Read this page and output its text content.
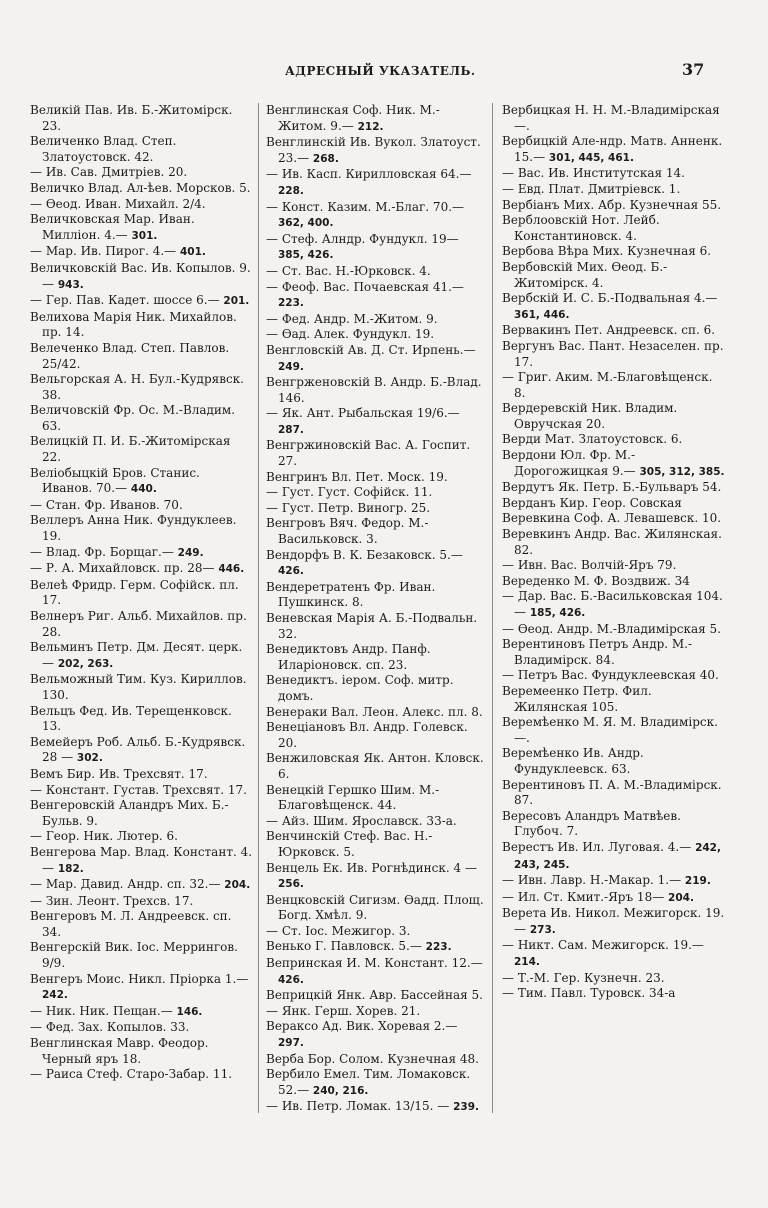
АДРЕСНЫЙ УКАЗАТЕЛЬ.	37

Великій Пав. Ив. Б.-Житомірск. 23.

Величенко Влад. Степ. Златоустовск. 42.

— Ив. Сав. Дмитріев. 20.

Величко Влад. Ал-ѣев. Морсков. 5.

— Ѳеод. Иван. Михайл. 2/4.

Величковская Мар. Иван. Милліон. 4.— 301.

— Мар. Ив. Пирог. 4.— 401.

Величковскій Вас. Ив. Копылов. 9.— 943.

— Гер. Пав. Кадет. шоссе 6.— 201.

Велихова Марія Ник. Михайлов. пр. 14.

Велеченко Влад. Степ. Павлов. 25/42.

Вельгорская А. Н. Бул.-Кудрявск. 38.

Величовскій Фр. Ос. М.-Владим. 63.

Велицкій П. И. Б.-Житомірская 22.

Веліобыцкій Бров. Станис. Иванов. 70.— 440.

— Стан. Фр. Иванов. 70.

Веллеръ Анна Ник. Фундуклеев. 19.

— Влад. Фр. Борщаг.— 249.

— Р. А. Михайловск. пр. 28— 446.

Велеѣ Фридр. Герм. Софійск. пл. 17.

Велнеръ Риг. Альб. Михайлов. пр. 28.

Вельминъ Петр. Дм. Десят. церк.— 202, 263.

Вельможный Тим. Куз. Кириллов. 130.

Вельцъ Фед. Ив. Терещенковск. 13.

Вемейеръ Роб. Альб. Б.-Кудрявск. 28 — 302.

Вемъ Бир. Ив. Трехсвят. 17.

— Констант. Густав. Трехсвят. 17.

Венгеровскій Аландръ Мих. Б.-Бульв. 9.

— Геор. Ник. Лютер. 6.

Венгерова Мар. Влад. Констант. 4.— 182.

— Мар. Давид. Андр. сп. 32.— 204.

— Зин. Леонт. Трехсв. 17.

Венгеровъ М. Л. Андреевск. сп. 34.

Венгерскій Вик. Іос. Меррингов. 9/9.

Венгеръ Моис. Никл. Пріорка 1.— 242.

— Ник. Ник. Пещан.— 146.

— Фед. Зах. Копылов. 33.

Венглинская Мавр. Феодор. Черный яръ 18.

— Раиса Стеф. Старо-Забар. 11.

Венглинская Соф. Ник. М.-Житом. 9.— 212.

Венглинскій Ив. Вукол. Златоуст. 23.— 268.

— Ив. Касп. Кирилловская 64.— 228.

— Конст. Казим. М.-Благ. 70.— 362, 400.

— Стеф. Алндр. Фундукл. 19— 385, 426.

— Ст. Вас. Н.-Юрковск. 4.

— Феоф. Вас. Почаевская 41.— 223.

— Фед. Андр. М.-Житом. 9.

— Ѳад. Алек. Фундукл. 19.

Венгловскій Ав. Д. Ст. Ирпень.— 249.

Венгрженовскій В. Андр. Б.-Влад. 146.

— Як. Ант. Рыбальская 19/6.— 287.

Венгржиновскій Вас. А. Госпит. 27.

Венгринъ Вл. Пет. Моск. 19.

— Густ. Густ. Софійск. 11.

— Густ. Петр. Виногр. 25.

Венгровъ Вяч. Федор. М.-Васильковск. 3.

Вендорфъ В. К. Безаковск. 5.— 426.

Вендеретратенъ Фр. Иван. Пушкинск. 8.

Веневская Марія А. Б.-Подвальн. 32.

Венедиктовъ Андр. Панф. Иларіоновск. сп. 23.

Венедиктъ. іером. Соф. митр. домъ.

Венераки Вал. Леон. Алекс. пл. 8.

Венеціановъ Вл. Андр. Голевск. 20.

Венжиловская Як. Антон. Кловск. 6.

Венецкій Гершко Шим. М.-Благовѣщенск. 44.

— Айз. Шим. Ярославск. 33-а.

Венчинскій Стеф. Вас. Н.-Юрковск. 5.

Венцель Ек. Ив. Рогнѣдинск. 4 — 256.

Венцковскій Сигизм. Ѳадд. Площ. Богд. Хмѣл. 9.

— Ст. Іос. Межигор. 3.

Венько Г. Павловск. 5.— 223.

Вепринская И. М. Констант. 12.— 426.

Веприцкій Янк. Авр. Бассейная 5.

— Янк. Герш. Хорев. 21.

Вераксо Ад. Вик. Хоревая 2.— 297.

Верба Бор. Солом. Кузнечная 48.

Вербило Емел. Тим. Ломаковск. 52.— 240, 216.

— Ив. Петр. Ломак. 13/15. — 239.

Вербицкая Н. Н. М.-Владимірская —.

Вербицкій Але-ндр. Матв. Анненк. 15.— 301, 445, 461.

— Вас. Ив. Институтская 14.

— Евд. Плат. Дмитріевск. 1.

Вербіанъ Мих. Абр. Кузнечная 55.

Верблоовскій Нот. Лейб. Константиновск. 4.

Вербова Вѣра Мих. Кузнечная 6.

Вербовскій Мих. Ѳеод. Б.-Житомірск. 4.

Вербскій И. С. Б.-Подвальная 4.— 361, 446.

Вервакинъ Пет. Андреевск. сп. 6.

Вергунъ Вас. Пант. Незаселен. пр. 17.

— Григ. Аким. М.-Благовѣщенск. 8.

Вердеревскій Ник. Владим. Овручская 20.

Верди Мат. Златоустовск. 6.

Вердони Юл. Фр. М.-Дорогожицкая 9.— 305, 312, 385.

Вердутъ Як. Петр. Б.-Бульваръ 54.

Верданъ Кир. Геор. Совская

Веревкина Соф. А. Левашевск. 10.

Веревкинъ Андр. Вас. Жилянская. 82.

— Ивн. Вас. Волчій-Яръ 79.

Вереденко М. Ф. Воздвиж. 34

— Дар. Вас. Б.-Васильковская 104.— 185, 426.

— Ѳеод. Андр. М.-Владимірская 5.

Верентиновъ Петръ Андр. М.-Владимірск. 84.

— Петръ Вас. Фундуклеевская 40.

Веремеенко Петр. Фил. Жилянская 105.

Веремѣенко М. Я. М. Владимірск. —.

Веремѣенко Ив. Андр. Фундуклеевск. 63.

Верентиновъ П. А. М.-Владимірск. 87.

Вересовъ Аландръ Матвѣев. Глубоч. 7.

Верестъ Ив. Ил. Луговая. 4.— 242, 243, 245.

— Ивн. Лавр. Н.-Макар. 1.— 219.

— Ил. Ст. Кмит.-Яръ 18— 204.

Верета Ив. Никол. Межигорск. 19.— 273.

— Никт. Сам. Межигорск. 19.— 214.

— Т.-М. Гер. Кузнечн. 23.

— Тим. Павл. Туровск. 34-а
